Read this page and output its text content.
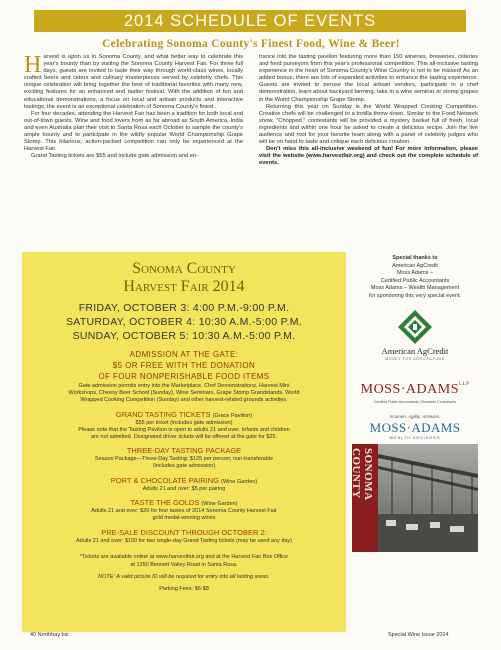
2014 SCHEDULE OF EVENTS
Celebrating Sonoma County's Finest Food, Wine & Beer!

Harvest is upon us in Sonoma County, and what better way to celebrate this year's bounty than by visiting the Sonoma County Harvest Fair. For three full days, guests are invited to taste their way through world-class wines, locally crafted beers and ciders and culinary masterpieces served by celebrity chefs. This unique celebration will bring together the best of traditional favorites with many new, exciting features for an enhanced and tastier festival. With the addition of fun and educational demonstrations, a focus on local and artisan products and interactive tastings, the event is an exceptional celebration of Sonoma County's finest.

For four decades, attending the Harvest Fair has been a tradition for both local and out-of-town guests. Wine and food lovers from as far abroad as South America, India and even Australia plan their visit to Santa Rosa each October to sample the county's ample bounty and to participate in the wildly popular World Championship Grape Stomp. This hilarious, action-packed competition can only be experienced at the Harvest Fair.

Grand Tasting tickets are $55 and include gate admission and en-

trance into the tasting pavilion featuring more than 150 wineries, breweries, cideries and food purveyors from this year's professional competition. This all-inclusive tasting experience in the heart of Sonoma County's Wine Country is not to be missed! As an added bonus, there are lots of expanded activities to enhance the tasting experience. Guests are invited to peruse the local artisan vendors, participate in a chef demonstration, learn about backyard farming, take in a wine seminar or stomp grapes in the World Championship Grape Stomp.

Returning this year on Sunday is the World Wrapped Cooking Competition. Creative chefs will be challenged to a tortilla throw down. Similar to the Food Network show, "Chopped," contestants will be provided a mystery basket full of fresh, local ingredients and within one hour be asked to create a delicious recipe. Join the live audience and root for your favorite team along with a panel of celebrity judges who will be on hand to taste and critique each delicious creation.

Don't miss this all-inclusive weekend of fun! For more information, please visit the website (www.harvestfair.org) and check out the complete schedule of events.

Sonoma County
Harvest Fair 2014
FRIDAY, OCTOBER 3: 4:00 P.M.-9:00 P.M.
SATURDAY, OCTOBER 4: 10:30 A.M.-5:00 P.M.
SUNDAY, OCTOBER 5: 10:30 A.M.-5:00 P.M.
ADMISSION AT THE GATE:
$5 OR FREE WITH THE DONATION
OF FOUR NONPERISHABLE FOOD ITEMS
Gate admission permits entry into the Marketplace, Chef Demonstrations, Harvest Mini
Workshops, Cheesy Beer School (Sunday), Wine Seminars, Grape Stomp Grandstands, World
Wrapped Cooking Competition (Sunday) and other harvest-related grounds activities.
GRAND TASTING TICKETS (Grace Pavilion)
$55 per ticket (includes gate admission)
Please note that the Tasting Pavilion is open to adults 21 and over. Infants and children
are not admitted. Designated driver tickets will be offered at the gate for $25.
THREE-DAY TASTING PACKAGE
Season Package—Three-Day Tasting: $125 per person; non-transferable
(includes gate admission)
PORT & CHOCOLATE PAIRING (Wine Garden)
Adults 21 and over: $5 per pairing
TASTE THE GOLDS (Wine Garden)
Adults 21 and over: $20 for four tastes of 2014 Sonoma County Harvest Fair
gold medal-winning wines
PRE-SALE DISCOUNT THROUGH OCTOBER 2:
Adults 21 and over: $100 for two single-day Grand Tasting tickets (may be used any day)
*Tickets are available online at www.harvestfair.org and at the Harvest Fair Box Office
at 1350 Bennett Valley Road in Santa Rosa.
NOTE: A valid picture ID will be required for entry into all tasting areas.
Parking Fees: $6-$8
Special thanks to
American AgCredit
Moss Adams –
Certified Public Accountants
Moss Adams – Wealth Management
for sponsoring this very special event.
American AgCredit
MONEY FOR AGRICULTURE
$MOSS\cdot ADAMS^{LLP}$
Certified Public Accountants | Business Consultants
Acumen. Agility. Answers.
MOSS·ADAMS
WEALTH ADVISORS
SONOMA COUNTY
40 Northbay biz	Special Wine Issue 2014
